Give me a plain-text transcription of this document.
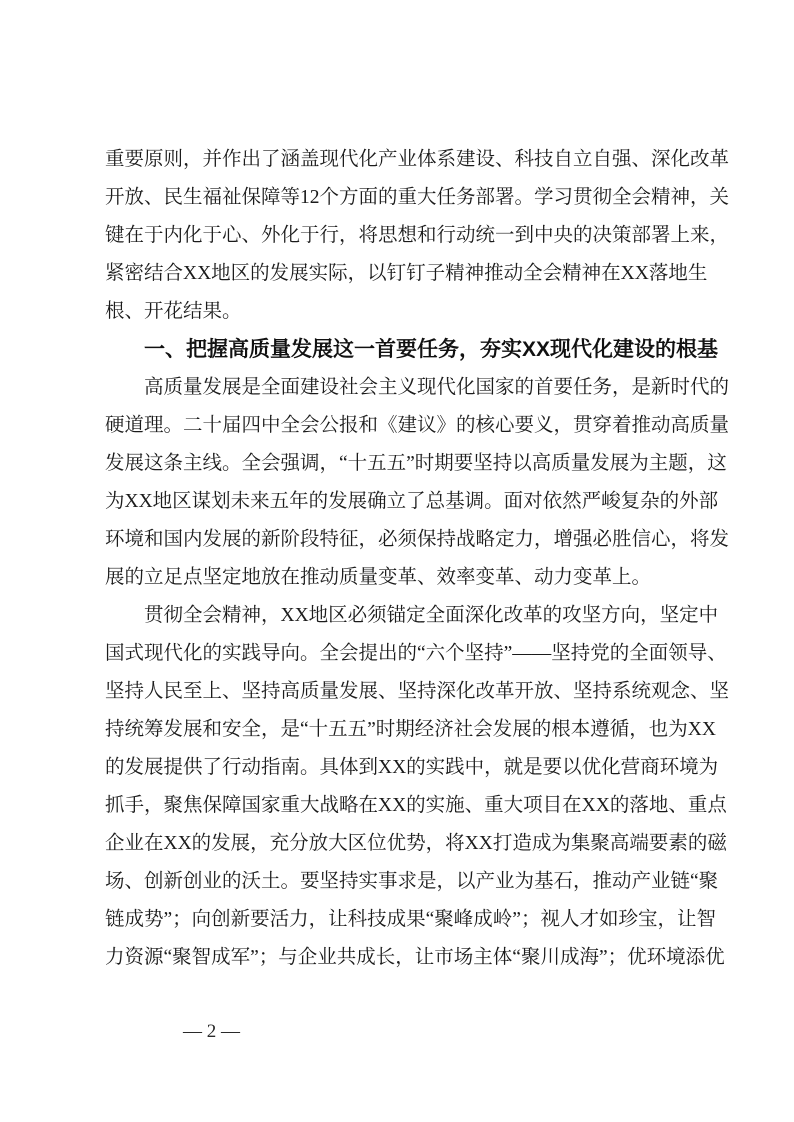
重要原则，并作出了涵盖现代化产业体系建设、科技自立自强、深化改革
开放、民生福祉保障等12个方面的重大任务部署。学习贯彻全会精神，关
键在于内化于心、外化于行，将思想和行动统一到中央的决策部署上来，
紧密结合XX地区的发展实际，以钉钉子精神推动全会精神在XX落地生
根、开花结果。
一、把握高质量发展这一首要任务，夯实XX现代化建设的根基
高质量发展是全面建设社会主义现代化国家的首要任务，是新时代的
硬道理。二十届四中全会公报和《建议》的核心要义，贯穿着推动高质量
发展这条主线。全会强调，“十五五”时期要坚持以高质量发展为主题，这
为XX地区谋划未来五年的发展确立了总基调。面对依然严峻复杂的外部
环境和国内发展的新阶段特征，必须保持战略定力，增强必胜信心，将发
展的立足点坚定地放在推动质量变革、效率变革、动力变革上。
贯彻全会精神，XX地区必须锚定全面深化改革的攻坚方向，坚定中
国式现代化的实践导向。全会提出的“六个坚持”——坚持党的全面领导、
坚持人民至上、坚持高质量发展、坚持深化改革开放、坚持系统观念、坚
持统筹发展和安全，是“十五五”时期经济社会发展的根本遵循，也为XX
的发展提供了行动指南。具体到XX的实践中，就是要以优化营商环境为
抓手，聚焦保障国家重大战略在XX的实施、重大项目在XX的落地、重点
企业在XX的发展，充分放大区位优势，将XX打造成为集聚高端要素的磁
场、创新创业的沃土。要坚持实事求是，以产业为基石，推动产业链“聚
链成势”；向创新要活力，让科技成果“聚峰成岭”；视人才如珍宝，让智
力资源“聚智成军”；与企业共成长，让市场主体“聚川成海”；优环境添优
— 2 —
